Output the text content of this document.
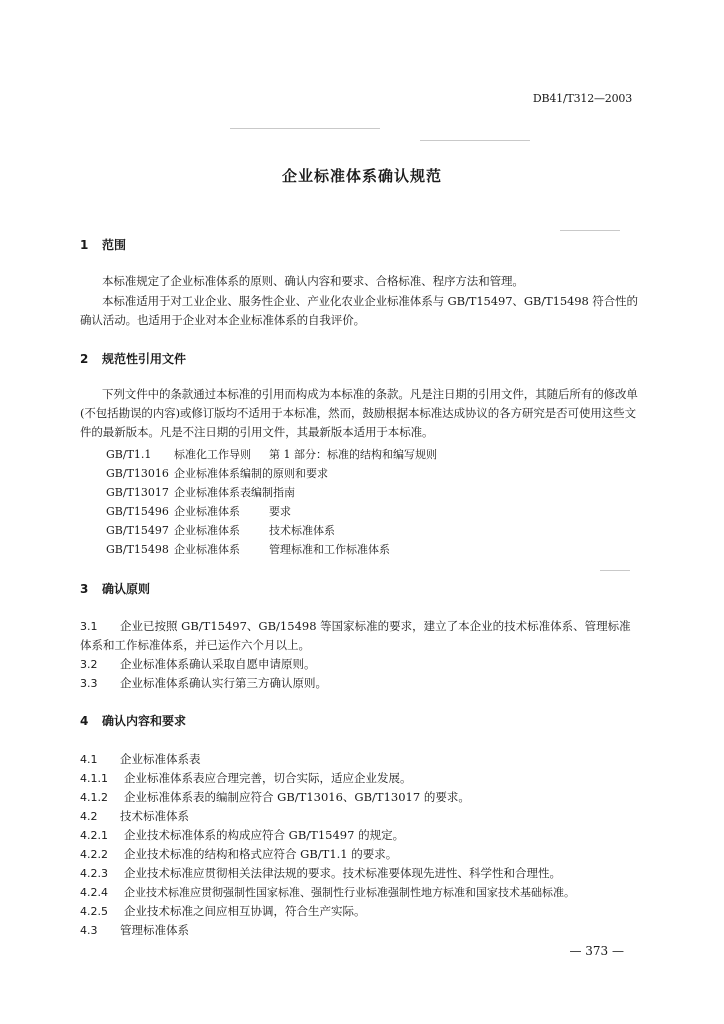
DB41/T312—2003
企业标准体系确认规范
1 范围

本标准规定了企业标准体系的原则、确认内容和要求、合格标准、程序方法和管理。

本标准适用于对工业企业、服务性企业、产业化农业企业标准体系与 GB/T15497、GB/T15498 符合性的确认活动。也适用于企业对本企业标准体系的自我评价。

2 规范性引用文件

下列文件中的条款通过本标准的引用而构成为本标准的条款。凡是注日期的引用文件，其随后所有的修改单(不包括勘误的内容)或修订版均不适用于本标准，然而，鼓励根据本标准达成协议的各方研究是否可使用这些文件的最新版本。凡是不注日期的引用文件，其最新版本适用于本标准。

GB/T1.1 标准化工作导则 第 1 部分：标准的结构和编写规则
GB/T13016 企业标准体系编制的原则和要求
GB/T13017 企业标准体系表编制指南
GB/T15496 企业标准体系	要求
GB/T15497 企业标准体系	技术标准体系
GB/T15498 企业标准体系	管理标准和工作标准体系
3 确认原则
3.1 企业已按照 GB/T15497、GB/15498 等国家标准的要求，建立了本企业的技术标准体系、管理标准体系和工作标准体系，并已运作六个月以上。
3.2 企业标准体系确认采取自愿申请原则。
3.3 企业标准体系确认实行第三方确认原则。
4 确认内容和要求
4.1 企业标准体系表
4.1.1 企业标准体系表应合理完善，切合实际，适应企业发展。
4.1.2 企业标准体系表的编制应符合 GB/T13016、GB/T13017 的要求。
4.2 技术标准体系
4.2.1 企业技术标准体系的构成应符合 GB/T15497 的规定。
4.2.2 企业技术标准的结构和格式应符合 GB/T1.1 的要求。
4.2.3 企业技术标准应贯彻相关法律法规的要求。技术标准要体现先进性、科学性和合理性。
4.2.4 企业技术标准应贯彻强制性国家标准、强制性行业标准强制性地方标准和国家技术基础标准。
4.2.5 企业技术标准之间应相互协调，符合生产实际。
4.3 管理标准体系
— 373 —
